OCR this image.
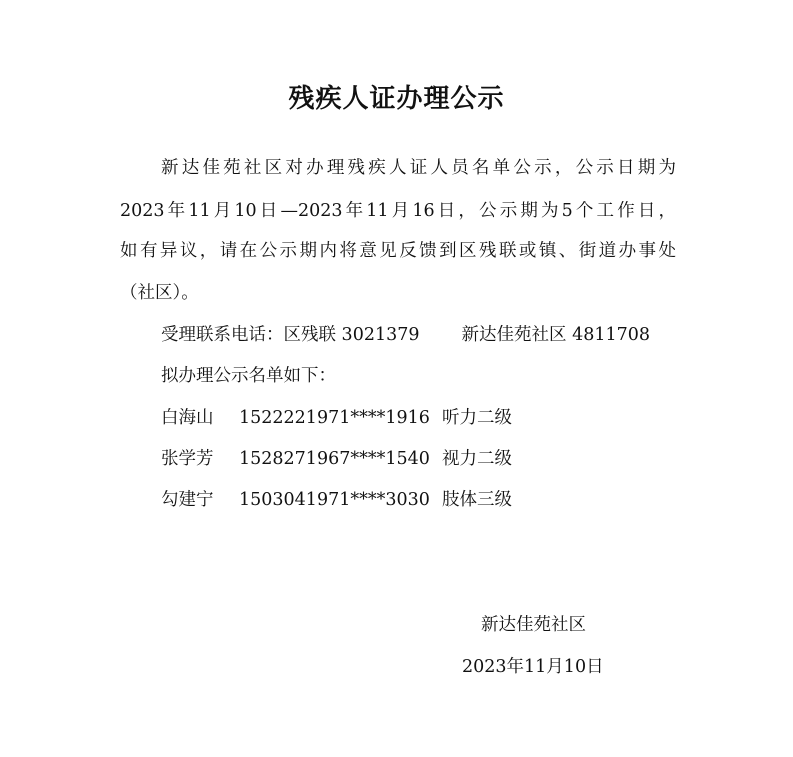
残疾人证办理公示
新达佳苑社区对办理残疾人证人员名单公示，公示日期为
2023年11月10日—2023年11月16日，公示期为5个工作日，
如有异议，请在公示期内将意见反馈到区残联或镇、街道办事处
（社区）。
受理联系电话：区残联 3021379 新达佳苑社区 4811708
拟办理公示名单如下：
白海山 1522221971****1916 听力二级
张学芳 1528271967****1540 视力二级
勾建宁 1503041971****3030 肢体三级
新达佳苑社区
2023年11月10日
